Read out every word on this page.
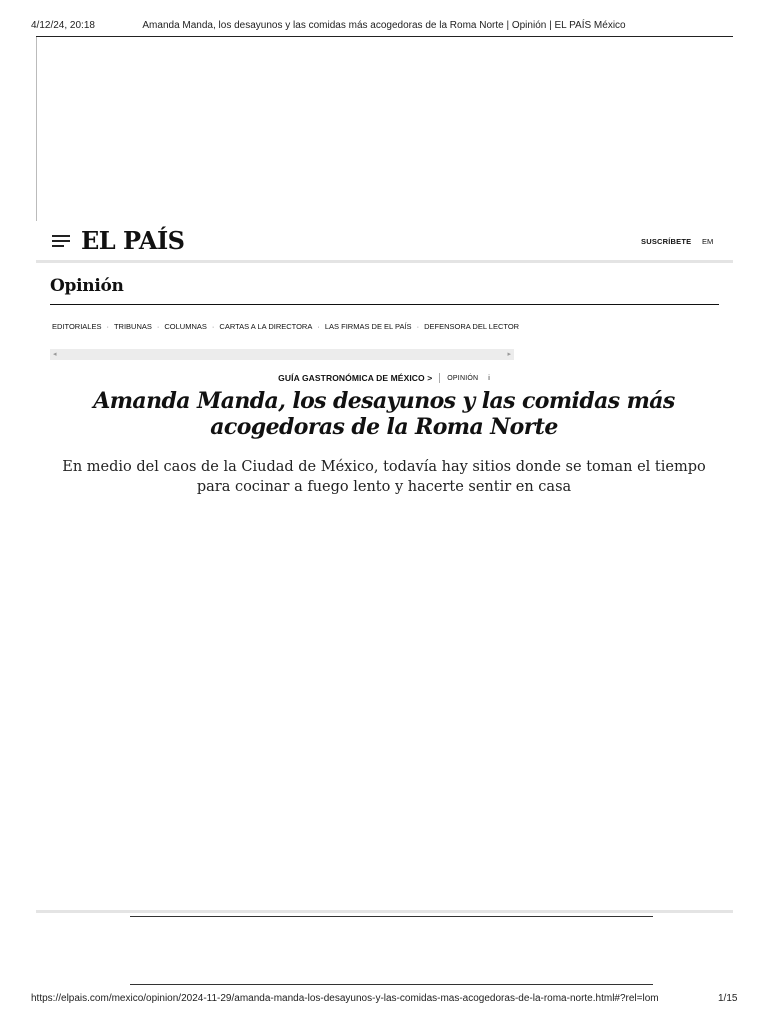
4/12/24, 20:18	Amanda Manda, los desayunos y las comidas más acogedoras de la Roma Norte | Opinión | EL PAÍS México
EL PAÍS	SUSCRÍBETE EM
Opinión
EDITORIALES · TRIBUNAS · COLUMNAS · CARTAS A LA DIRECTORA · LAS FIRMAS DE EL PAÍS · DEFENSORA DEL LECTOR
◂	▸
GUÍA GASTRONÓMICA DE MÉXICO > OPINIÓN i
Amanda Manda, los desayunos y las comidas más acogedoras de la Roma Norte

En medio del caos de la Ciudad de México, todavía hay sitios donde se toman el tiempo para cocinar a fuego lento y hacerte sentir en casa

https://elpais.com/mexico/opinion/2024-11-29/amanda-manda-los-desayunos-y-las-comidas-mas-acogedoras-de-la-roma-norte.html#?rel=lom	1/15
